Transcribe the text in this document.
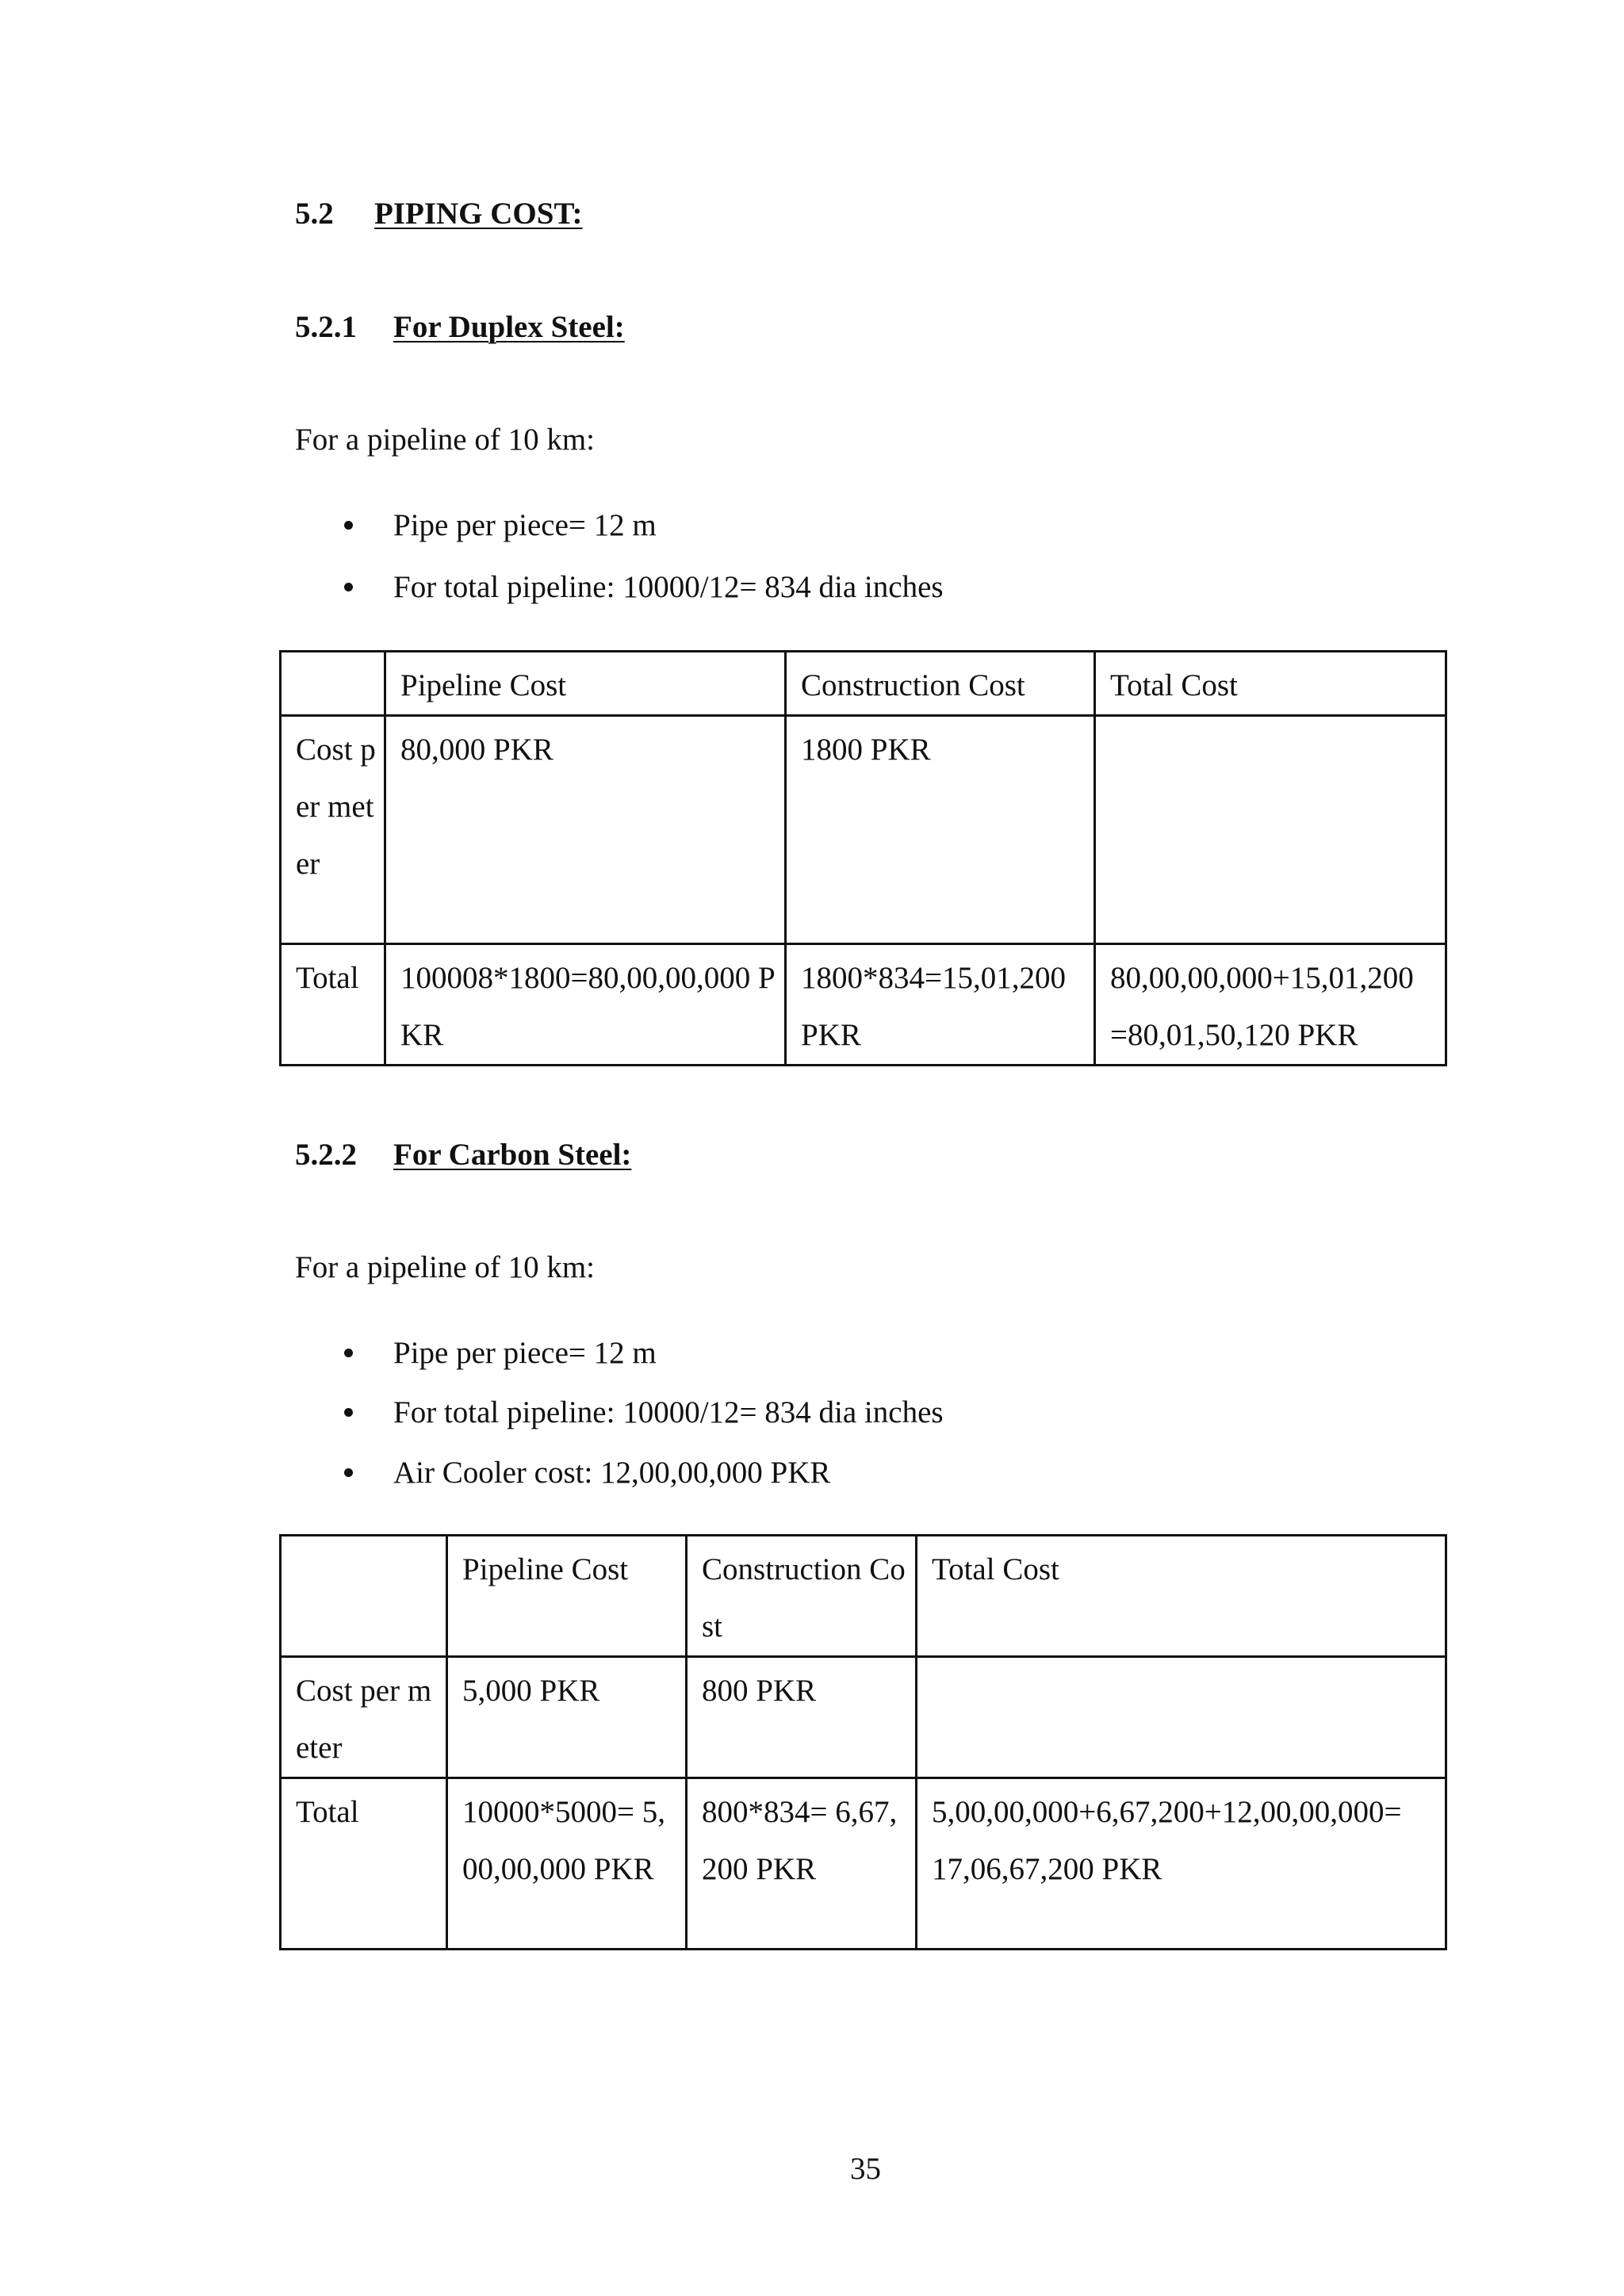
5.2 PIPING COST:
5.2.1 For Duplex Steel:
For a pipeline of 10 km:
Pipe per piece= 12 m
For total pipeline: 10000/12= 834 dia inches
	Pipeline Cost	Construction Cost	Total Cost
Cost per meter	80,000 PKR	1800 PKR	
Total	100008*1800=80,00,00,000 PKR	1800*834=15,01,200 PKR	80,00,00,000+15,01,200 =80,01,50,120 PKR
5.2.2 For Carbon Steel:
For a pipeline of 10 km:
Pipe per piece= 12 m
For total pipeline: 10000/12= 834 dia inches
Air Cooler cost: 12,00,00,000 PKR
	Pipeline Cost	Construction Cost	Total Cost
Cost per meter	5,000 PKR	800 PKR	
Total	10000*5000= 5,00,00,000 PKR	800*834= 6,67,200 PKR	5,00,00,000+6,67,200+12,00,00,000= 17,06,67,200 PKR
35
